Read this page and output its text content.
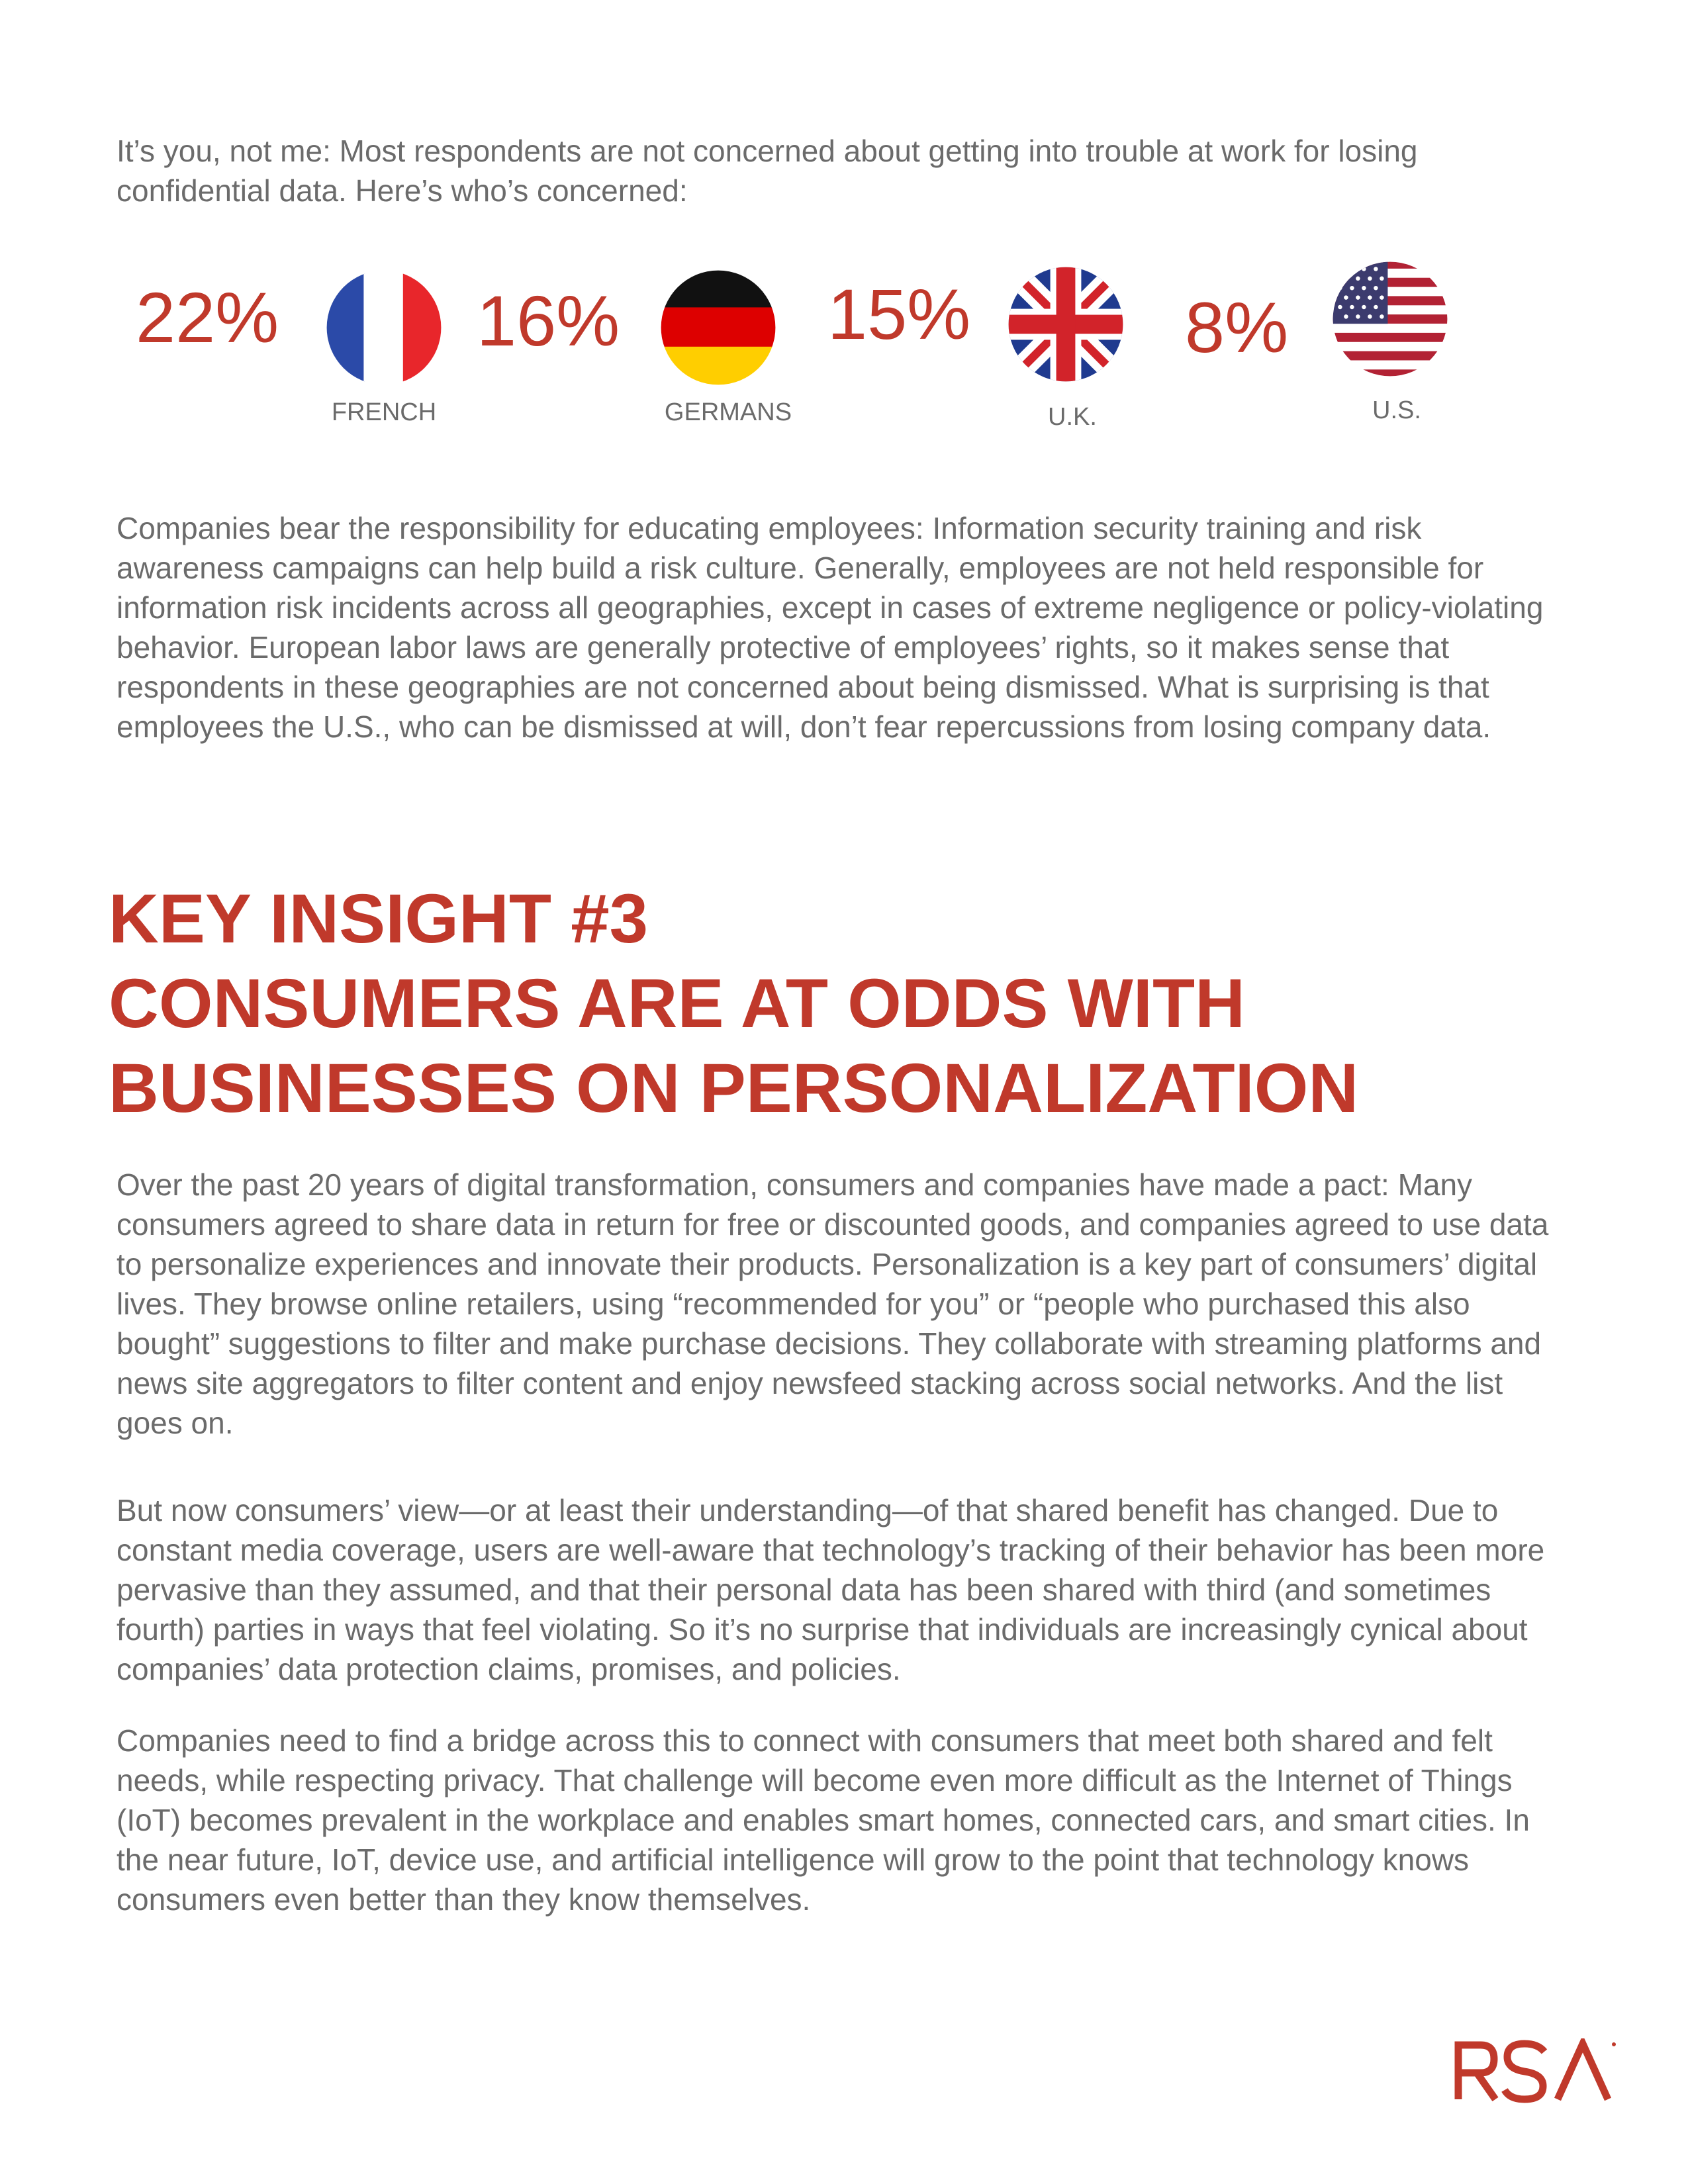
It’s you, not me: Most respondents are not concerned about getting into trouble at work for losing confidential data. Here’s who’s concerned:
22%
FRENCH
16%
GERMANS
15%
U.K.
8%
U.S.

Companies bear the responsibility for educating employees: Information security training and risk awareness campaigns can help build a risk culture. Generally, employees are not held responsible for information risk incidents across all geographies, except in cases of extreme negligence or policy-violating behavior. European labor laws are generally protective of employees’ rights, so it makes sense that respondents in these geographies are not concerned about being dismissed. What is surprising is that employees the U.S., who can be dismissed at will, don’t fear repercussions from losing company data.

KEY INSIGHT #3
CONSUMERS ARE AT ODDS WITH
BUSINESSES ON PERSONALIZATION

Over the past 20 years of digital transformation, consumers and companies have made a pact: Many consumers agreed to share data in return for free or discounted goods, and companies agreed to use data to personalize experiences and innovate their products. Personalization is a key part of consumers’ digital lives. They browse online retailers, using “recommended for you” or “people who purchased this also bought” suggestions to filter and make purchase decisions. They collaborate with streaming platforms and news site aggregators to filter content and enjoy newsfeed stacking across social networks. And the list goes on.

But now consumers’ view—or at least their understanding—of that shared benefit has changed. Due to constant media coverage, users are well-aware that technology’s tracking of their behavior has been more pervasive than they assumed, and that their personal data has been shared with third (and sometimes fourth) parties in ways that feel violating. So it’s no surprise that individuals are increasingly cynical about companies’ data protection claims, promises, and policies.

Companies need to find a bridge across this to connect with consumers that meet both shared and felt needs, while respecting privacy. That challenge will become even more difficult as the Internet of Things (IoT) becomes prevalent in the workplace and enables smart homes, connected cars, and smart cities. In the near future, IoT, device use, and artificial intelligence will grow to the point that technology knows consumers even better than they know themselves.
